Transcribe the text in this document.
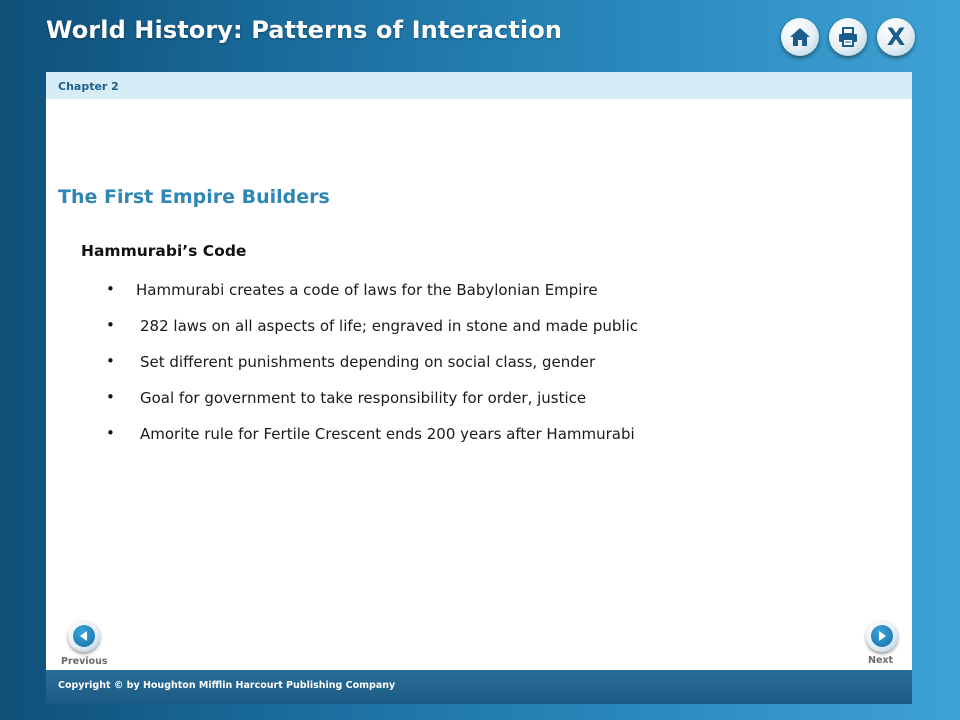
World History: Patterns of Interaction	X
Chapter 2
The First Empire Builders
Hammurabi’s Code
• Hammurabi creates a code of laws for the Babylonian Empire
• 282 laws on all aspects of life; engraved in stone and made public
• Set different punishments depending on social class, gender
• Goal for government to take responsibility for order, justice
• Amorite rule for Fertile Crescent ends 200 years after Hammurabi
Previous	Next
Copyright © by Houghton Mifflin Harcourt Publishing Company
